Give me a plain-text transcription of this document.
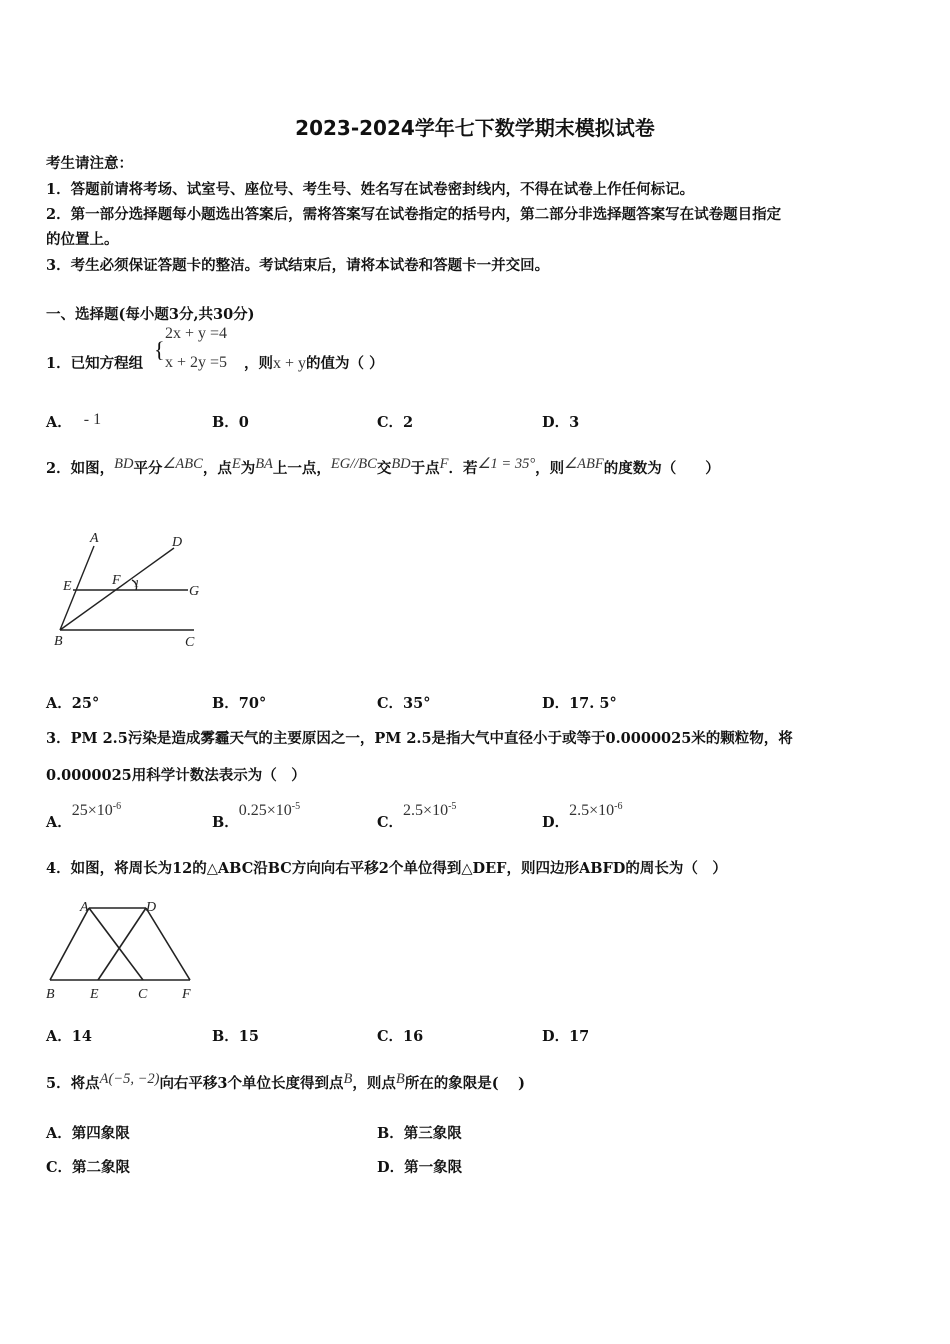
2023-2024学年七下数学期末模拟试卷
考生请注意：
1．答题前请将考场、试室号、座位号、考生号、姓名写在试卷密封线内，不得在试卷上作任何标记。
2．第一部分选择题每小题选出答案后，需将答案写在试卷指定的括号内，第二部分非选择题答案写在试卷题目指定
的位置上。
3．考生必须保证答题卡的整洁。考试结束后，请将本试卷和答题卡一并交回。
一、选择题(每小题3分,共30分)
1．已知方程组
{
2x + y =4
x + 2y =5 ，则x + y的值为（ ）
A． - 1	B．0	C．2	D．3
2．如图，BD平分∠ABC，点E为BA上一点，EG//BC交BD于点F．若∠1 = 35°，则∠ABF的度数为（　　）
A	D
E	F 1	G
B	C
A．25°	B．70°	C．35°	D．17. 5°
3．PM 2.5污染是造成雾霾天气的主要原因之一，PM 2.5是指大气中直径小于或等于0.0000025米的颗粒物，将
0.0000025用科学计数法表示为（　）
A．$25\times 10^{-6}$
B．$0.25\times 10^{-5}$
C．$2.5\times 10^{-5}$
D．$2.5\times 10^{-6}$
4．如图，将周长为12的△ABC沿BC方向向右平移2个单位得到△DEF，则四边形ABFD的周长为（　）
A	D
B	E	C F
A．14	B．15	C．16	D．17
5．将点A(−5, −2)向右平移3个单位长度得到点B，则点B所在的象限是(　 )
A．第四象限	B．第三象限
C．第二象限	D．第一象限
